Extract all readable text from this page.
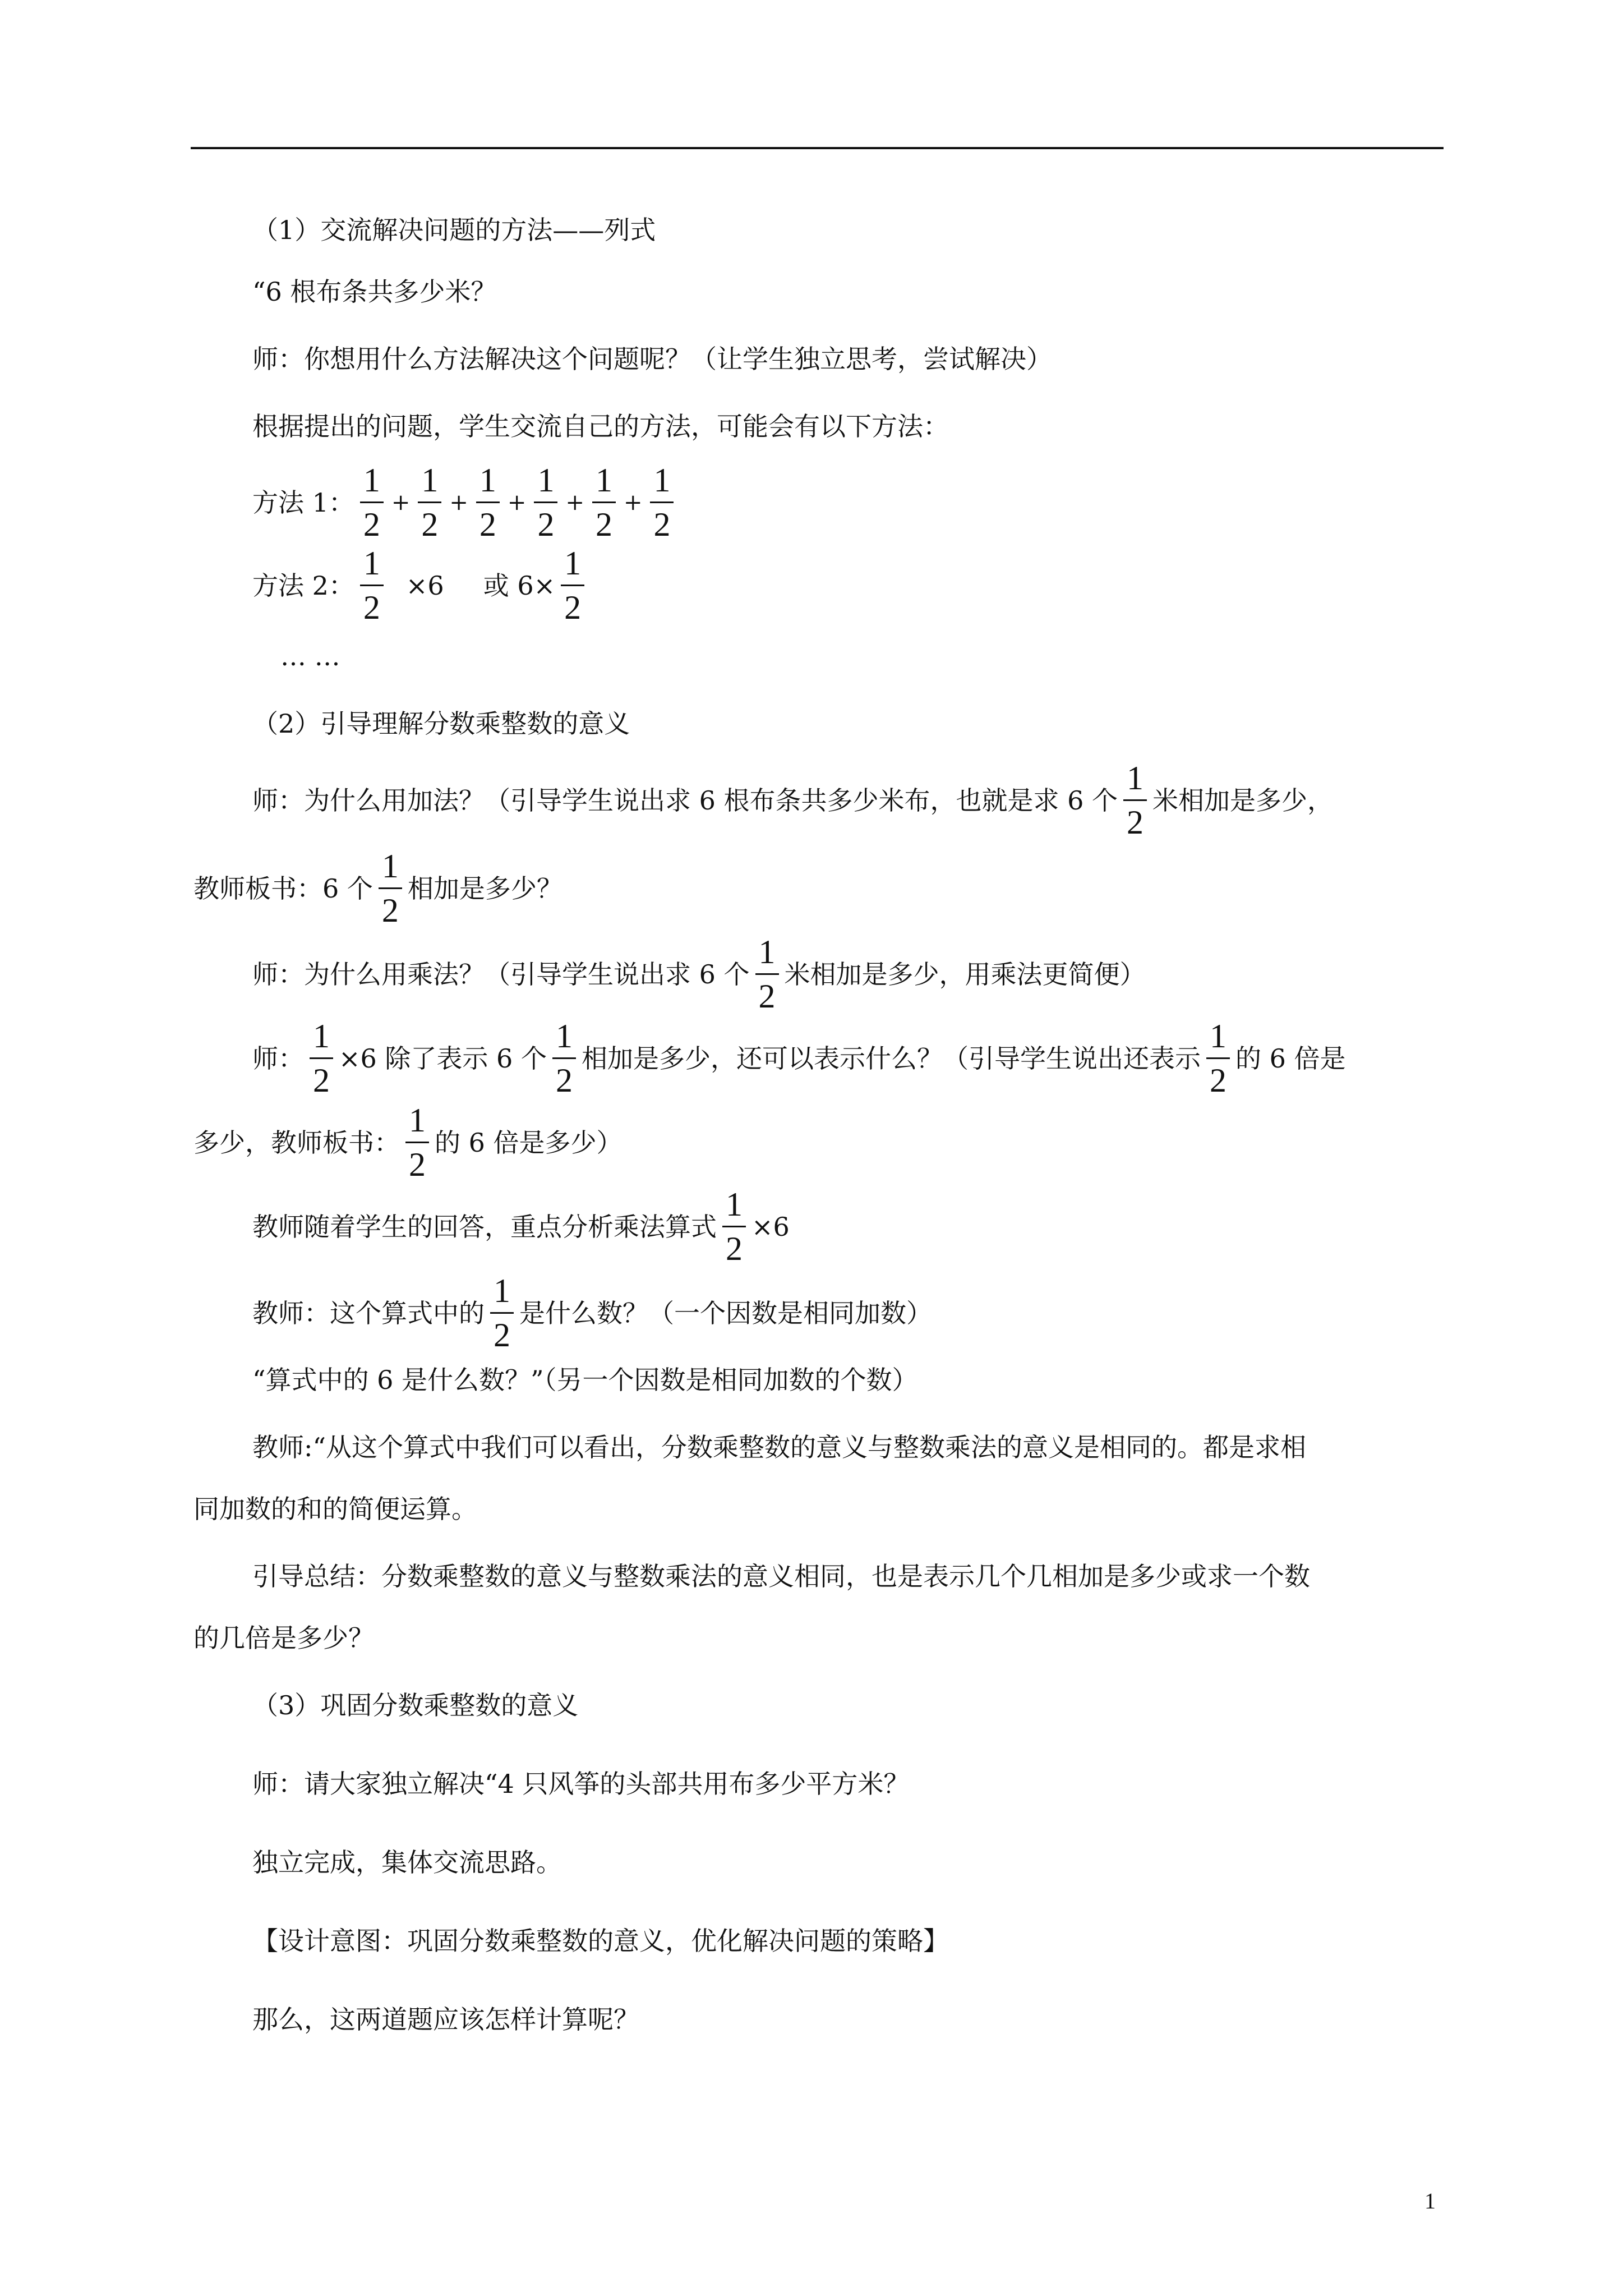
（1）交流解决问题的方法——列式
“6 根布条共多少米？
师：你想用什么方法解决这个问题呢？（让学生独立思考，尝试解决）
根据提出的问题，学生交流自己的方法，可能会有以下方法：
方法 1： $\frac{1}{2} + \frac{1}{2} + \frac{1}{2} + \frac{1}{2} + \frac{1}{2} + \frac{1}{2}$
方法 2： $\frac{1}{2} \times 6$ 或 $6\times \frac{1}{2}$
… …
（2）引导理解分数乘整数的意义
师：为什么用加法？（引导学生说出求 6 根布条共多少米布，也就是求 6 个 $\frac{1}{2}$ 米相加是多少，
教师板书：6 个 $\frac{1}{2}$ 相加是多少？
师：为什么用乘法？（引导学生说出求 6 个 $\frac{1}{2}$ 米相加是多少，用乘法更简便）
师： $\frac{1}{2} \times 6$ 除了表示 6 个 $\frac{1}{2}$ 相加是多少，还可以表示什么？（引导学生说出还表示 $\frac{1}{2}$ 的 6 倍是
多少，教师板书： $\frac{1}{2}$ 的 6 倍是多少）
教师随着学生的回答，重点分析乘法算式 $\frac{1}{2} \times 6$
教师：这个算式中的 $\frac{1}{2}$ 是什么数？（一个因数是相同加数）
“算式中的 6 是什么数？”（另一个因数是相同加数的个数）
教师:“从这个算式中我们可以看出，分数乘整数的意义与整数乘法的意义是相同的。都是求相
同加数的和的简便运算。
引导总结：分数乘整数的意义与整数乘法的意义相同，也是表示几个几相加是多少或求一个数
的几倍是多少？
（3）巩固分数乘整数的意义
师：请大家独立解决“4 只风筝的头部共用布多少平方米？
独立完成，集体交流思路。
【设计意图：巩固分数乘整数的意义，优化解决问题的策略】
那么，这两道题应该怎样计算呢？
1
